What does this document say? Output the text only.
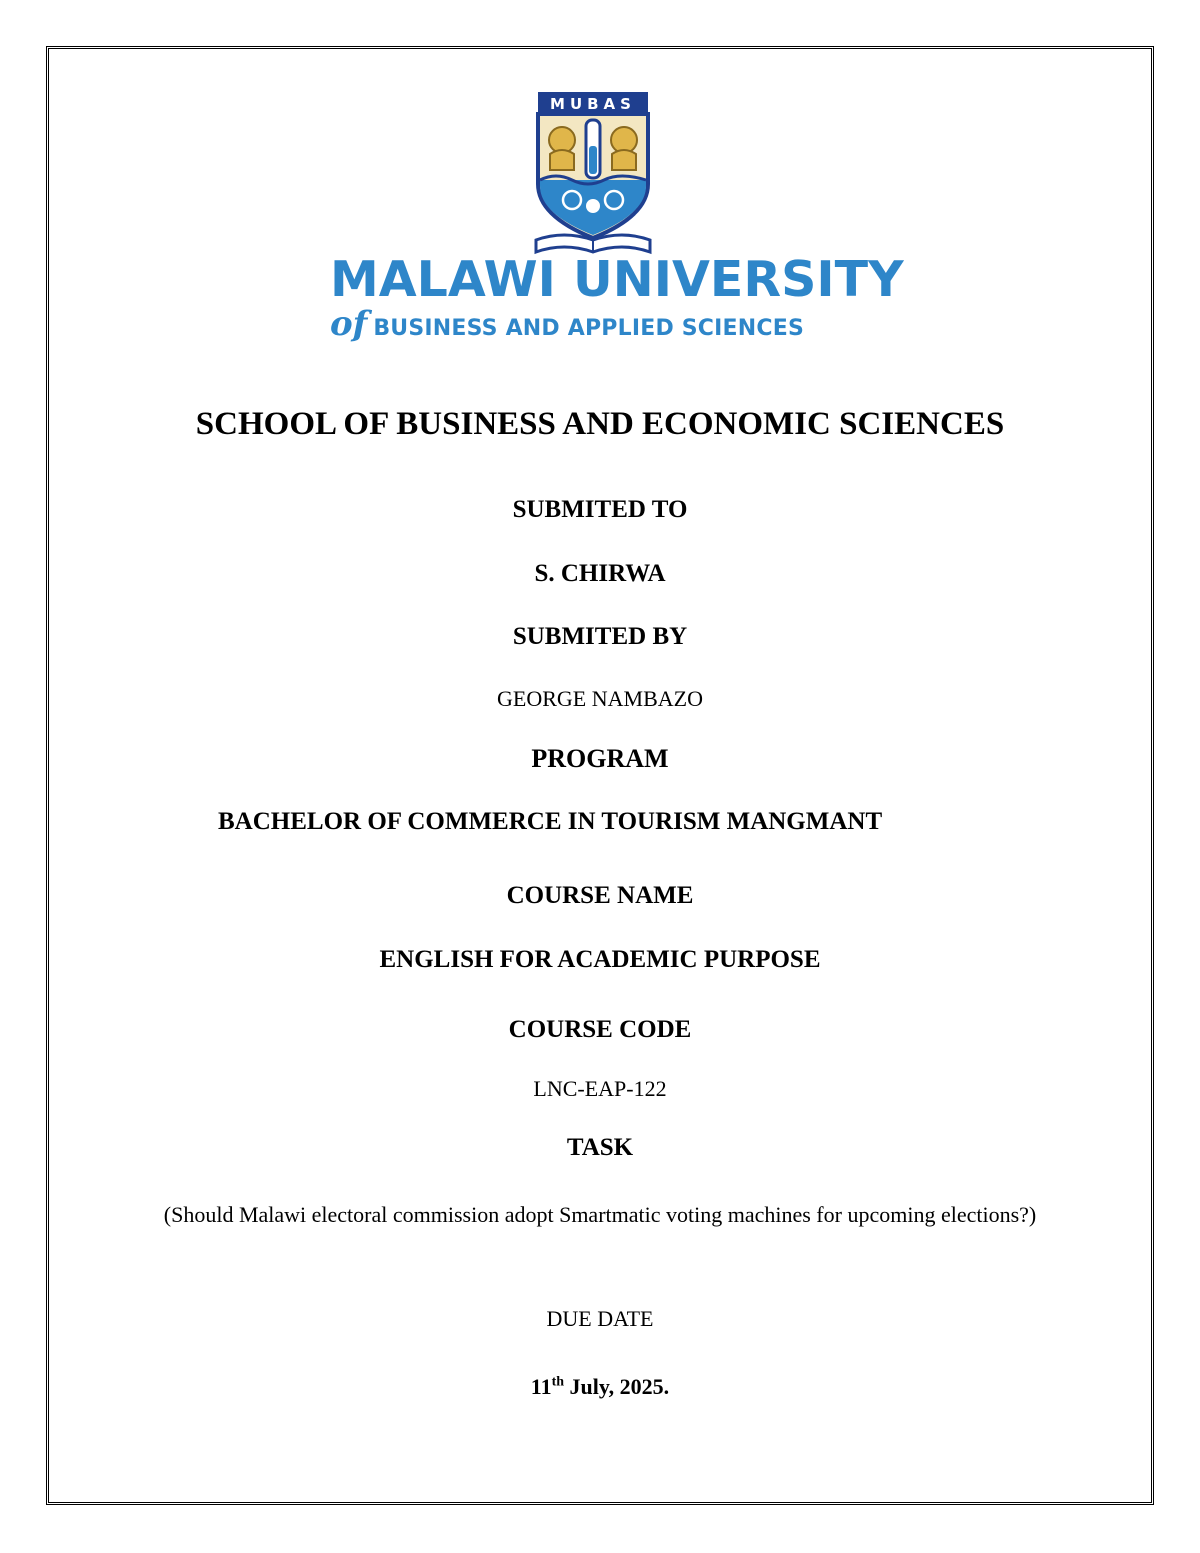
MUBAS
MALAWI UNIVERSITY
of BUSINESS AND APPLIED SCIENCES
SCHOOL OF BUSINESS AND ECONOMIC SCIENCES
SUBMITED TO
S. CHIRWA
SUBMITED BY
GEORGE NAMBAZO
PROGRAM
BACHELOR OF COMMERCE IN TOURISM MANGMANT
COURSE NAME
ENGLISH FOR ACADEMIC PURPOSE
COURSE CODE
LNC-EAP-122
TASK
(Should Malawi electoral commission adopt Smartmatic voting machines for upcoming elections?)
DUE DATE
11th July, 2025.
